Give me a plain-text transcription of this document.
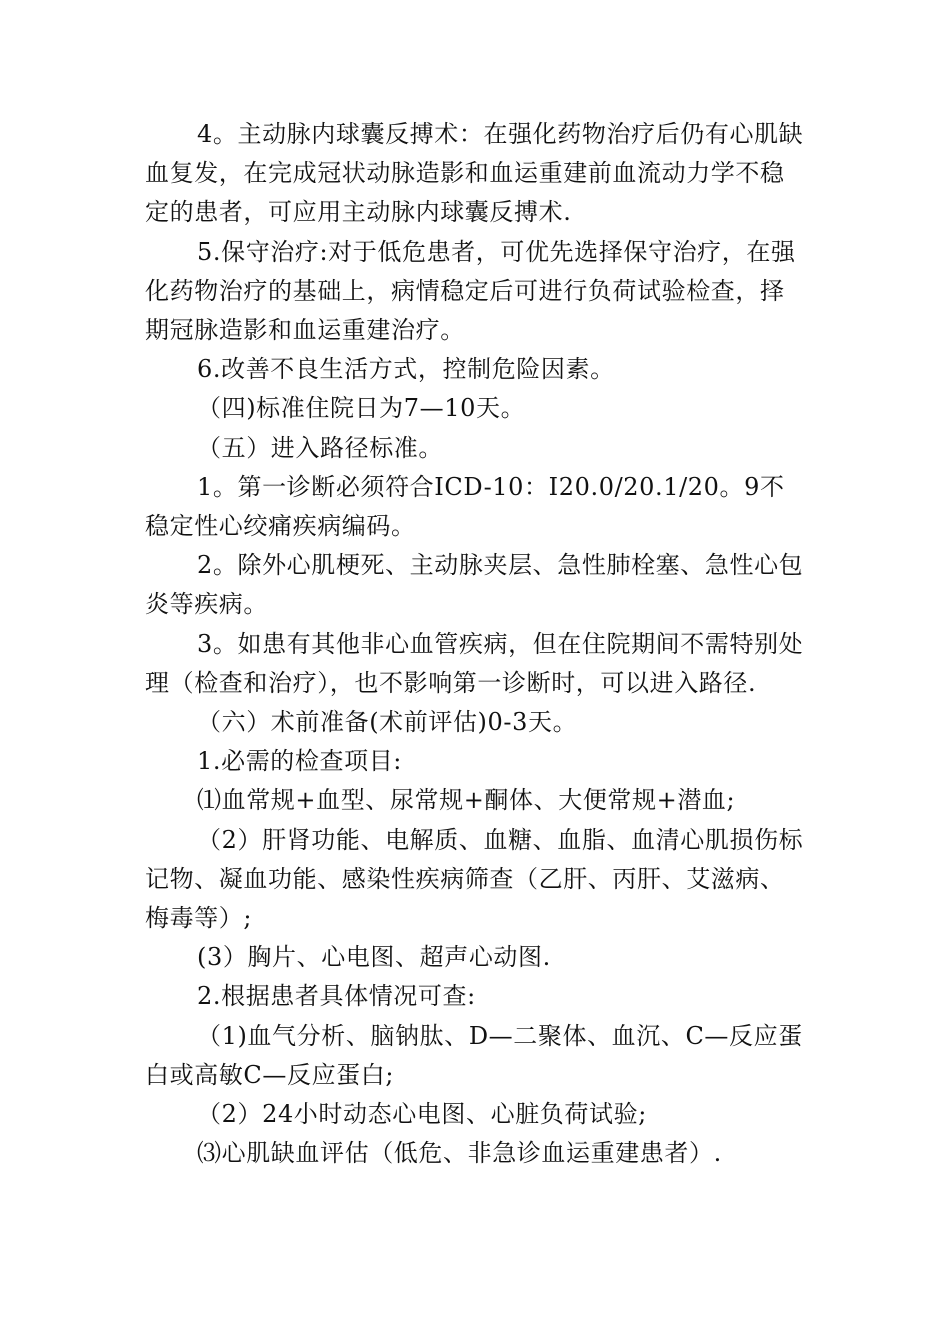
4。主动脉内球囊反搏术：在强化药物治疗后仍有心肌缺血复发，在完成冠状动脉造影和血运重建前血流动力学不稳定的患者，可应用主动脉内球囊反搏术.

5.保守治疗:对于低危患者，可优先选择保守治疗，在强化药物治疗的基础上，病情稳定后可进行负荷试验检查，择期冠脉造影和血运重建治疗。

6.改善不良生活方式，控制危险因素。

（四)标准住院日为7—10天。

（五）进入路径标准。

1。第一诊断必须符合ICD-10：I20.0/20.1/20。9不稳定性心绞痛疾病编码。

2。除外心肌梗死、主动脉夹层、急性肺栓塞、急性心包炎等疾病。

3。如患有其他非心血管疾病，但在住院期间不需特别处理（检查和治疗），也不影响第一诊断时，可以进入路径.

（六）术前准备(术前评估)0-3天。

1.必需的检查项目:

⑴血常规+血型、尿常规+酮体、大便常规+潜血;

（2）肝肾功能、电解质、血糖、血脂、血清心肌损伤标记物、凝血功能、感染性疾病筛查（乙肝、丙肝、艾滋病、梅毒等）;

(3）胸片、心电图、超声心动图.

2.根据患者具体情况可查:

（1)血气分析、脑钠肽、D—二聚体、血沉、C—反应蛋白或高敏C—反应蛋白;

（2）24小时动态心电图、心脏负荷试验;

⑶心肌缺血评估（低危、非急诊血运重建患者）.
